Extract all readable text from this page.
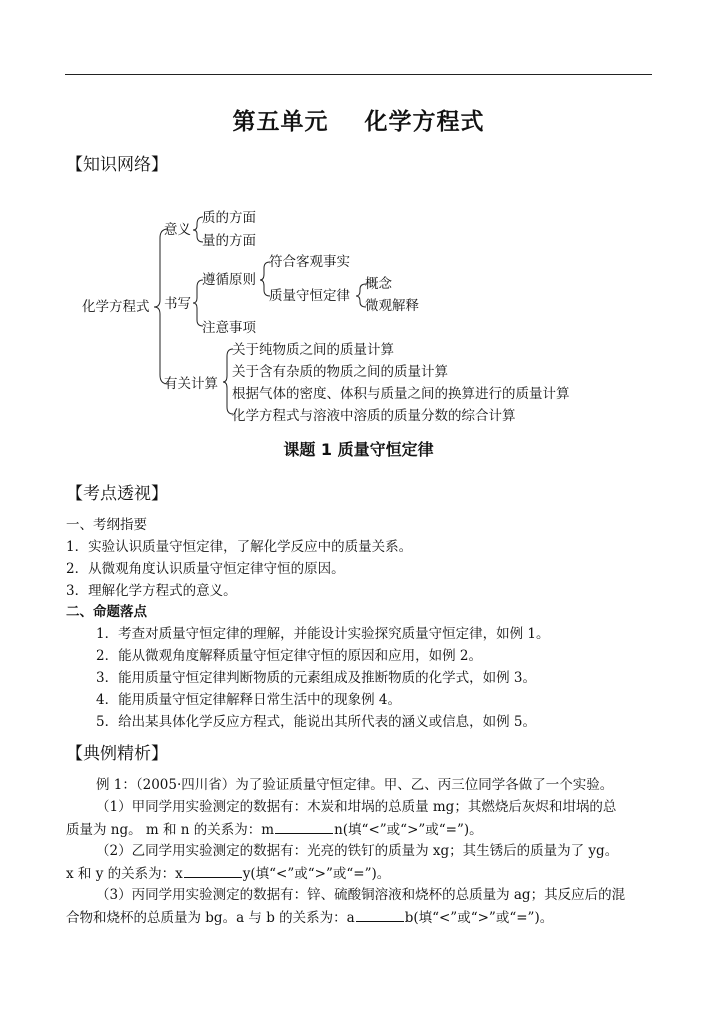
第五单元    化学方程式
【知识网络】
化学方程式
意义
质的方面
量的方面
书写
遵循原则
符合客观事实
质量守恒定律
概念
微观解释
注意事项
有关计算
关于纯物质之间的质量计算
关于含有杂质的物质之间的质量计算
根据气体的密度、体积与质量之间的换算进行的质量计算
化学方程式与溶液中溶质的质量分数的综合计算
课题 1 质量守恒定律
【考点透视】
一、考纲指要
1．实验认识质量守恒定律，了解化学反应中的质量关系。
2．从微观角度认识质量守恒定律守恒的原因。
3．理解化学方程式的意义。
二、命题落点
1．考查对质量守恒定律的理解，并能设计实验探究质量守恒定律，如例 1。
2．能从微观角度解释质量守恒定律守恒的原因和应用，如例 2。
3．能用质量守恒定律判断物质的元素组成及推断物质的化学式，如例 3。
4．能用质量守恒定律解释日常生活中的现象例 4。
5．给出某具体化学反应方程式，能说出其所代表的涵义或信息，如例 5。
【典例精析】
例 1：（2005·四川省）为了验证质量守恒定律。甲、乙、丙三位同学各做了一个实验。
（1）甲同学用实验测定的数据有：木炭和坩埚的总质量 mg；其燃烧后灰烬和坩埚的总
质量为 ng。 m 和 n 的关系为：m	n(填“<”或“>”或“=”)。
（2）乙同学用实验测定的数据有：光亮的铁钉的质量为 xg；其生锈后的质量为了 yg。
x 和 y 的关系为：x	y(填“<”或“>”或“=”)。
（3）丙同学用实验测定的数据有：锌、硫酸铜溶液和烧杯的总质量为 ag；其反应后的混
合物和烧杯的总质量为 bg。a 与 b 的关系为：a	b(填“<”或“>”或“=”)。
